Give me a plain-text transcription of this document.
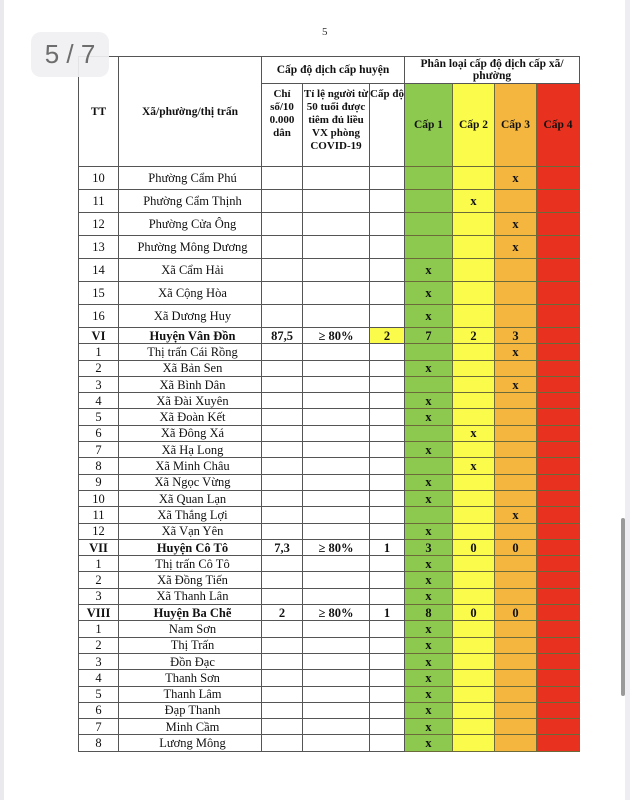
5 / 7
5
TT	Xã/phường/thị trấn	Cấp độ dịch cấp huyện			Phân loại cấp độ dịch cấp xã/ phường			
		Chỉ số/10 0.000 dân	Tỉ lệ người từ 50 tuổi được tiêm đủ liều VX phòng COVID-19	Cấp độ	Cấp 1	Cấp 2	Cấp 3	Cấp 4
10	Phường Cẩm Phú						x	
11	Phường Cẩm Thịnh					x		
12	Phường Cửa Ông						x	
13	Phường Mông Dương						x	
14	Xã Cẩm Hải				x			
15	Xã Cộng Hòa				x			
16	Xã Dương Huy				x			
VI	Huyện Vân Đồn	87,5	≥ 80%	2	7	2	3	
1	Thị trấn Cái Rồng						x	
2	Xã Bản Sen				x			
3	Xã Bình Dân						x	
4	Xã Đài Xuyên				x			
5	Xã Đoàn Kết				x			
6	Xã Đông Xá					x		
7	Xã Hạ Long				x			
8	Xã Minh Châu					x		
9	Xã Ngọc Vừng				x			
10	Xã Quan Lạn				x			
11	Xã Thắng Lợi						x	
12	Xã Vạn Yên				x			
VII	Huyện Cô Tô	7,3	≥ 80%	1	3	0	0	
1	Thị trấn Cô Tô				x			
2	Xã Đồng Tiến				x			
3	Xã Thanh Lân				x			
VIII	Huyện Ba Chẽ	2	≥ 80%	1	8	0	0	
1	Nam Sơn				x			
2	Thị Trấn				x			
3	Đồn Đạc				x			
4	Thanh Sơn				x			
5	Thanh Lâm				x			
6	Đạp Thanh				x			
7	Minh Cầm				x			
8	Lương Mông				x			
